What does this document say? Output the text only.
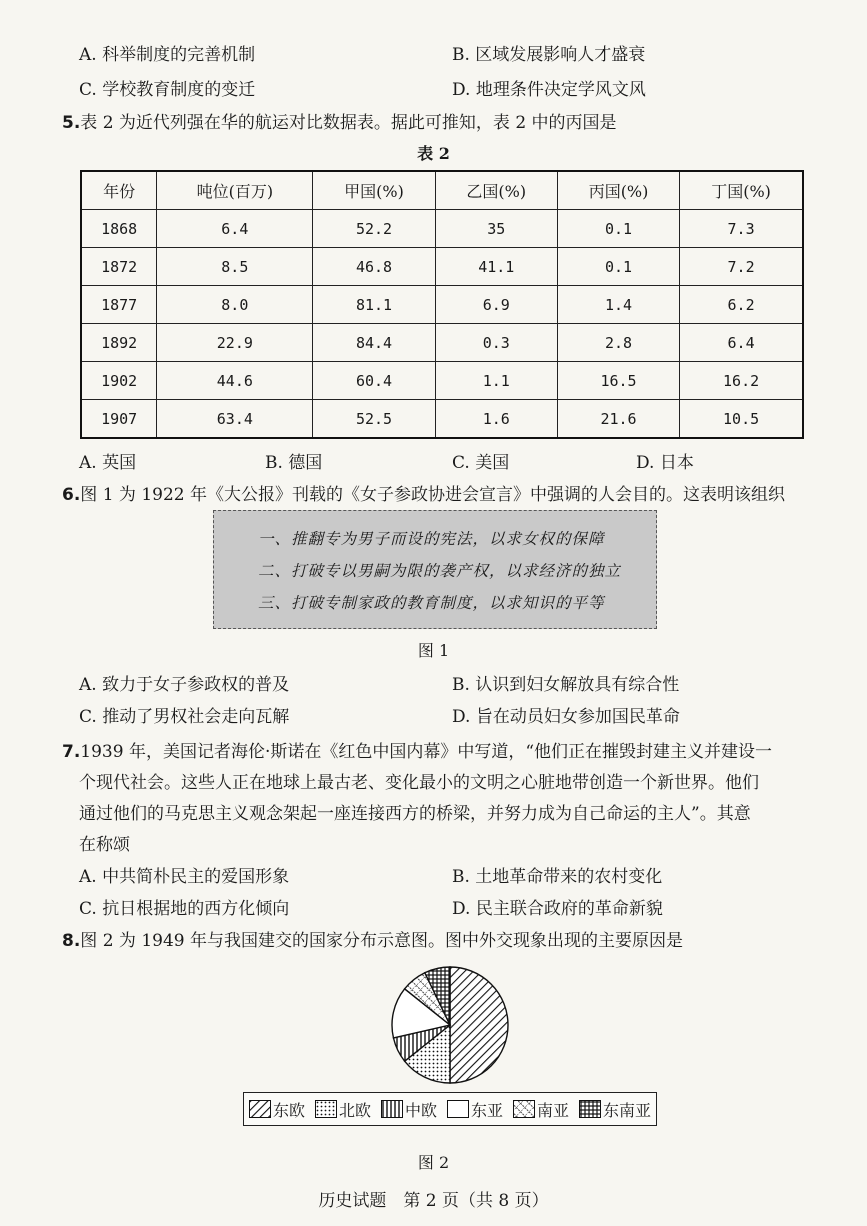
A. 科举制度的完善机制	B. 区域发展影响人才盛衰
C. 学校教育制度的变迁	D. 地理条件决定学风文风
5.表 2 为近代列强在华的航运对比数据表。据此可推知，表 2 中的丙国是
表 2
年份	吨位(百万)	甲国(%)	乙国(%)	丙国(%)	丁国(%)
1868	6.4	52.2	35	0.1	7.3
1872	8.5	46.8	41.1	0.1	7.2
1877	8.0	81.1	6.9	1.4	6.2
1892	22.9	84.4	0.3	2.8	6.4
1902	44.6	60.4	1.1	16.5	16.2
1907	63.4	52.5	1.6	21.6	10.5
A. 英国	B. 德国	C. 美国	D. 日本
6.图 1 为 1922 年《大公报》刊载的《女子参政协进会宣言》中强调的人会目的。这表明该组织
一、推翻专为男子而设的宪法，以求女权的保障
二、打破专以男嗣为限的袭产权，以求经济的独立
三、打破专制家政的教育制度，以求知识的平等
图 1
A. 致力于女子参政权的普及	B. 认识到妇女解放具有综合性
C. 推动了男权社会走向瓦解	D. 旨在动员妇女参加国民革命
7.1939 年，美国记者海伦·斯诺在《红色中国内幕》中写道，“他们正在摧毁封建主义并建设一
个现代社会。这些人正在地球上最古老、变化最小的文明之心脏地带创造一个新世界。他们
通过他们的马克思主义观念架起一座连接西方的桥梁，并努力成为自己命运的主人”。其意
在称颂
A. 中共简朴民主的爱国形象	B. 土地革命带来的农村变化
C. 抗日根据地的西方化倾向	D. 民主联合政府的革命新貌
8.图 2 为 1949 年与我国建交的国家分布示意图。图中外交现象出现的主要原因是
东欧 北欧 中欧 东亚 南亚 东南亚
图 2
历史试题　第 2 页（共 8 页）
